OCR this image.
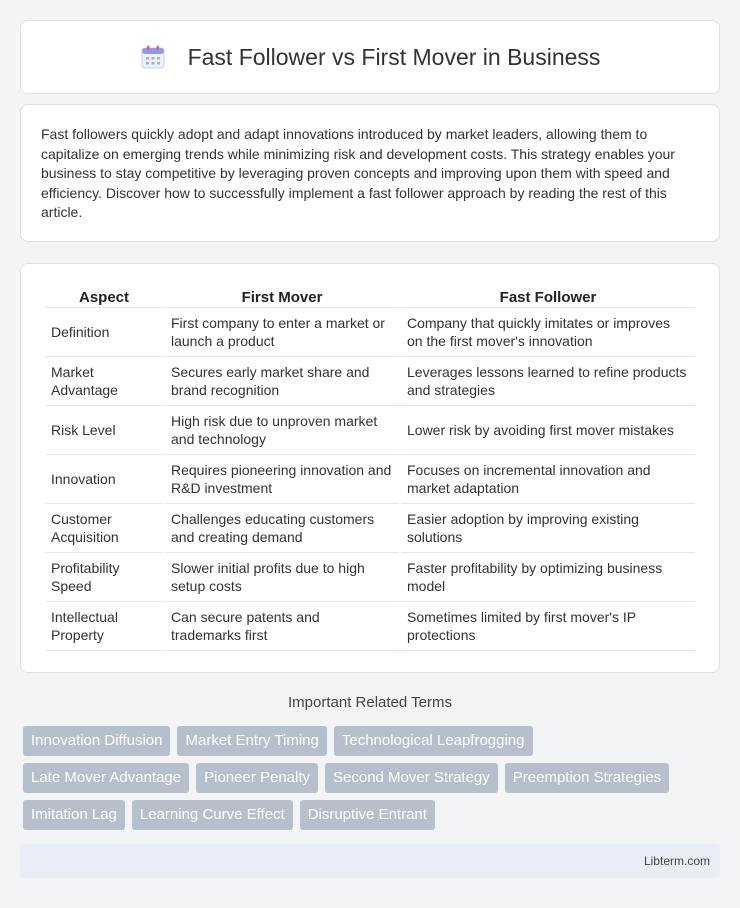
Fast Follower vs First Mover in Business

Fast followers quickly adopt and adapt innovations introduced by market leaders, allowing them to capitalize on emerging trends while minimizing risk and development costs. This strategy enables your business to stay competitive by leveraging proven concepts and improving upon them with speed and efficiency. Discover how to successfully implement a fast follower approach by reading the rest of this article.

Aspect	First Mover	Fast Follower
Definition	First company to enter a market or launch a product	Company that quickly imitates or improves on the first mover's innovation
Market Advantage	Secures early market share and brand recognition	Leverages lessons learned to refine products and strategies
Risk Level	High risk due to unproven market and technology	Lower risk by avoiding first mover mistakes
Innovation	Requires pioneering innovation and R&D investment	Focuses on incremental innovation and market adaptation
Customer Acquisition	Challenges educating customers and creating demand	Easier adoption by improving existing solutions
Profitability Speed	Slower initial profits due to high setup costs	Faster profitability by optimizing business model
Intellectual Property	Can secure patents and trademarks first	Sometimes limited by first mover's IP protections
Important Related Terms
Innovation Diffusion	Market Entry Timing	Technological Leapfrogging
Late Mover Advantage	Pioneer Penalty	Second Mover Strategy	Preemption Strategies
Imitation Lag	Learning Curve Effect	Disruptive Entrant
Libterm.com
